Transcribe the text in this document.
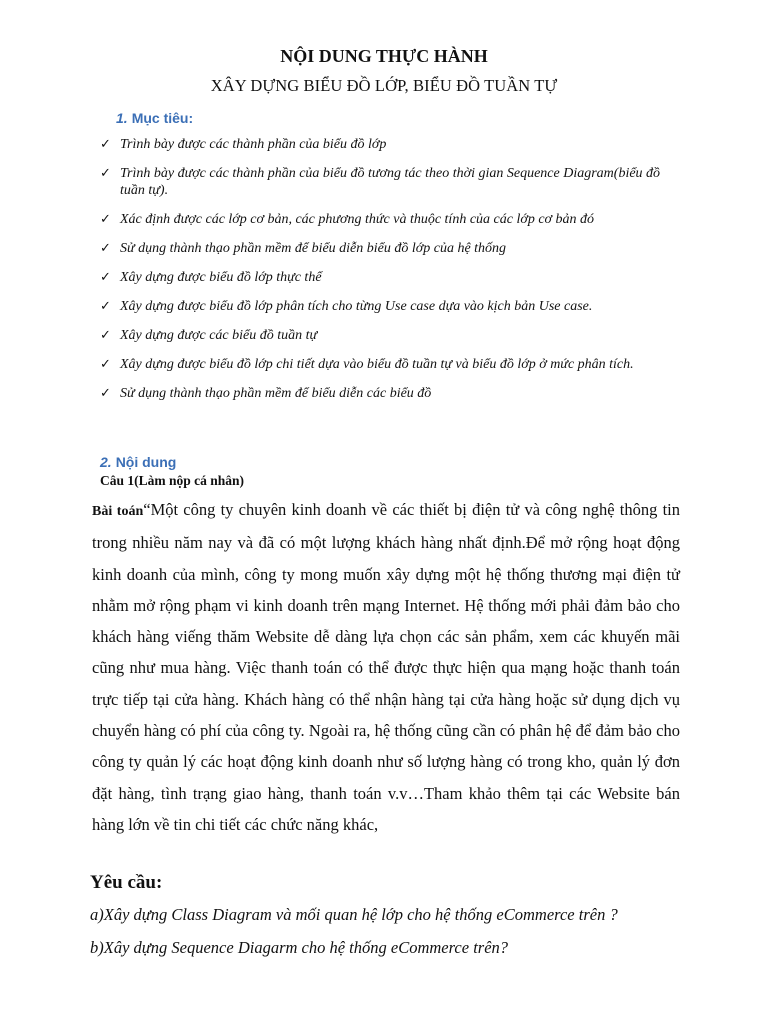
NỘI DUNG THỰC HÀNH
XÂY DỰNG BIỂU ĐỒ LỚP, BIỂU ĐỒ TUẦN TỰ
1. Mục tiêu:
✓ Trình bày được các thành phần của biểu đồ lớp
✓ Trình bày được các thành phần của biểu đồ tương tác theo thời gian Sequence Diagram(biểu đồ tuần tự).
✓ Xác định được các lớp cơ bản, các phương thức và thuộc tính của các lớp cơ bản đó
✓ Sử dụng thành thạo phần mềm để biểu diễn biểu đồ lớp của hệ thống
✓ Xây dựng được biểu đồ lớp thực thể
✓ Xây dựng được biểu đồ lớp phân tích cho từng Use case dựa vào kịch bản Use case.
✓ Xây dựng được các biểu đồ tuần tự
✓ Xây dựng được biểu đồ lớp chi tiết dựa vào biểu đồ tuần tự và biểu đồ lớp ở mức phân tích.
✓ Sử dụng thành thạo phần mềm để biểu diễn các biểu đồ
2. Nội dung
Câu 1(Làm nộp cá nhân)
Bài toán“Một công ty chuyên kinh doanh về các thiết bị điện tử và công nghệ thông tin trong nhiều năm nay và đã có một lượng khách hàng nhất định.Để mở rộng hoạt động kinh doanh của mình, công ty mong muốn xây dựng một hệ thống thương mại điện tử nhằm mở rộng phạm vi kinh doanh trên mạng Internet. Hệ thống mới phải đảm bảo cho khách hàng viếng thăm Website dễ dàng lựa chọn các sản phẩm, xem các khuyến mãi cũng như mua hàng. Việc thanh toán có thể được thực hiện qua mạng hoặc thanh toán trực tiếp tại cửa hàng. Khách hàng có thể nhận hàng tại cửa hàng hoặc sử dụng dịch vụ chuyển hàng có phí của công ty. Ngoài ra, hệ thống cũng cần có phân hệ để đảm bảo cho công ty quản lý các hoạt động kinh doanh như số lượng hàng có trong kho, quản lý đơn đặt hàng, tình trạng giao hàng, thanh toán v.v…Tham khảo thêm tại các Website bán hàng lớn về tin chi tiết các chức năng khác,
Yêu cầu:
a)Xây dựng Class Diagram và mối quan hệ lớp cho hệ thống eCommerce trên ?
b)Xây dựng Sequence Diagarm cho hệ thống eCommerce trên?
